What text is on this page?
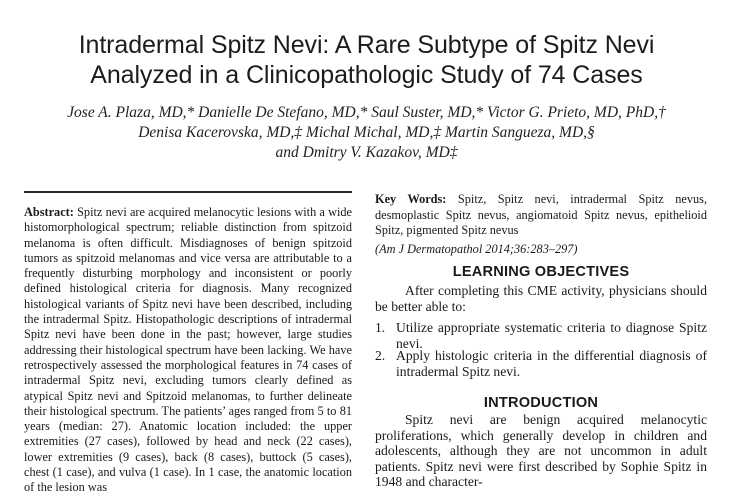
Intradermal Spitz Nevi: A Rare Subtype of Spitz Nevi
Analyzed in a Clinicopathologic Study of 74 Cases
Jose A. Plaza, MD,* Danielle De Stefano, MD,* Saul Suster, MD,* Victor G. Prieto, MD, PhD,†
Denisa Kacerovska, MD,‡ Michal Michal, MD,‡ Martin Sangueza, MD,§
and Dmitry V. Kazakov, MD‡
Abstract: Spitz nevi are acquired melanocytic lesions with a wide histomorphological spectrum; reliable distinction from spitzoid melanoma is often difficult. Misdiagnoses of benign spitzoid tumors as spitzoid melanomas and vice versa are attributable to a frequently disturbing morphology and inconsistent or poorly defined histological criteria for diagnosis. Many recognized histological variants of Spitz nevi have been described, including the intradermal Spitz. Histopathologic descriptions of intradermal Spitz nevi have been done in the past; however, large studies addressing their histological spectrum have been lacking. We have retrospectively assessed the morphological features in 74 cases of intradermal Spitz nevi, excluding tumors clearly defined as atypical Spitz nevi and Spitzoid melanomas, to further delineate their histological spectrum. The patients’ ages ranged from 5 to 81 years (median: 27). Anatomic location included: the upper extremities (27 cases), followed by head and neck (22 cases), lower extremities (9 cases), back (8 cases), buttock (5 cases), chest (1 case), and vulva (1 case). In 1 case, the anatomic location of the lesion was
Key Words: Spitz, Spitz nevi, intradermal Spitz nevus, desmoplastic Spitz nevus, angiomatoid Spitz nevus, epithelioid Spitz, pigmented Spitz nevus
(Am J Dermatopathol 2014;36:283–297)
LEARNING OBJECTIVES
After completing this CME activity, physicians should be better able to:
1. Utilize appropriate systematic criteria to diagnose Spitz nevi.
2. Apply histologic criteria in the differential diagnosis of intradermal Spitz nevi.
INTRODUCTION
Spitz nevi are benign acquired melanocytic proliferations, which generally develop in children and adolescents, although they are not uncommon in adult patients. Spitz nevi were first described by Sophie Spitz in 1948 and character-
